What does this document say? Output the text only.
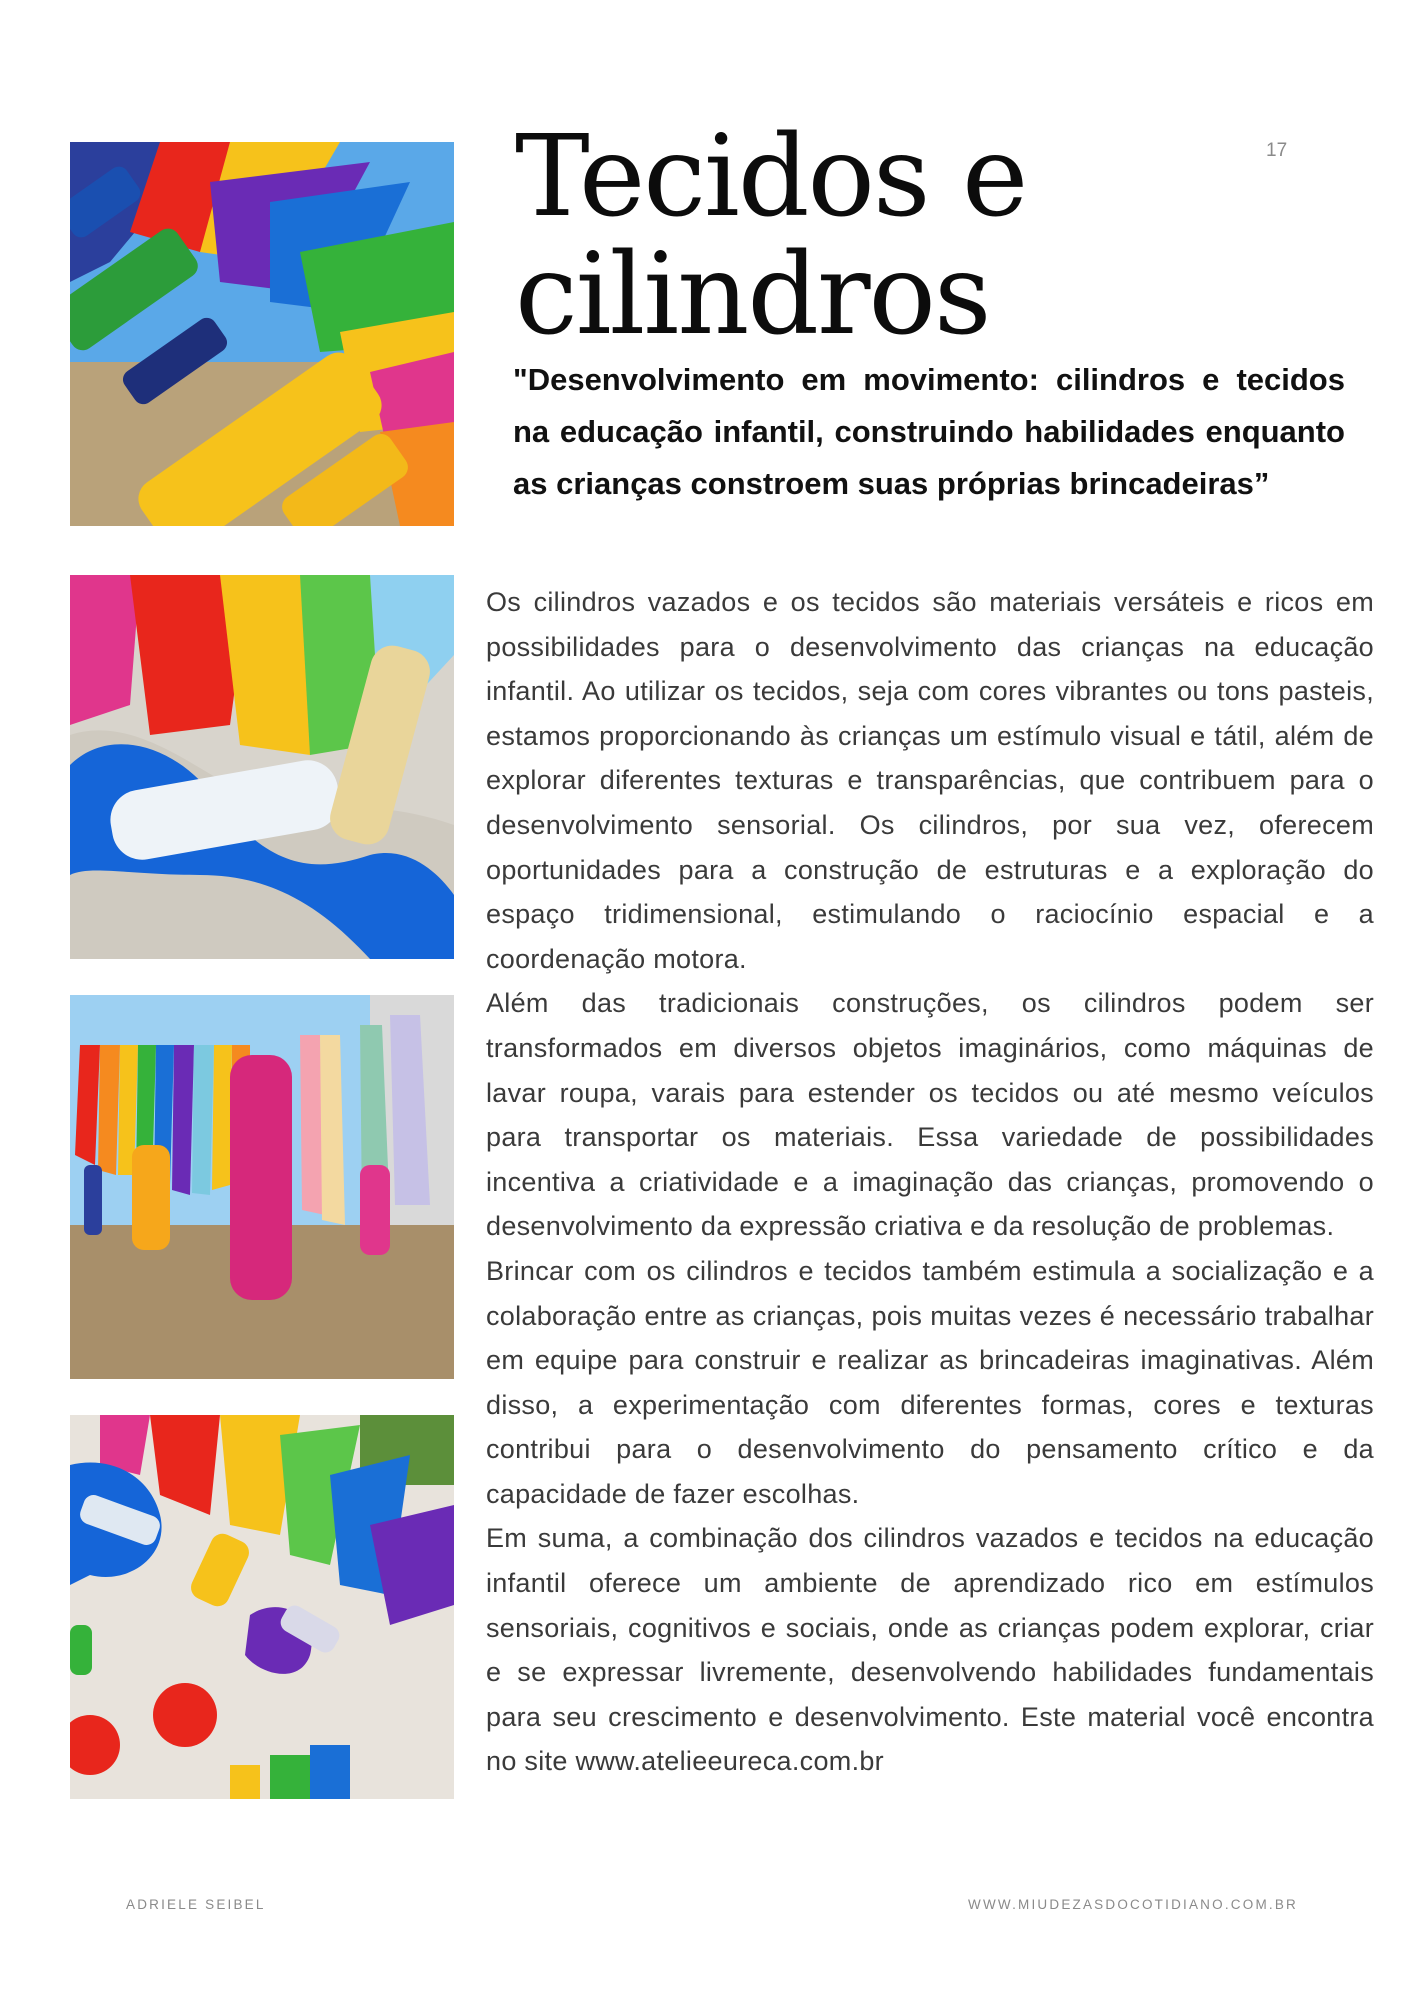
Tecidos e cilindros
17

"Desenvolvimento em movimento: cilindros e tecidos na educação infantil, construindo habilidades enquanto as crianças constroem suas próprias brincadeiras”

Os cilindros vazados e os tecidos são materiais versáteis e ricos em possibilidades para o desenvolvimento das crianças na educação infantil. Ao utilizar os tecidos, seja com cores vibrantes ou tons pasteis, estamos proporcionando às crianças um estímulo visual e tátil, além de explorar diferentes texturas e transparências, que contribuem para o desenvolvimento sensorial. Os cilindros, por sua vez, oferecem oportunidades para a construção de estruturas e a exploração do espaço tridimensional, estimulando o raciocínio espacial e a coordenação motora.

Além das tradicionais construções, os cilindros podem ser transformados em diversos objetos imaginários, como máquinas de lavar roupa, varais para estender os tecidos ou até mesmo veículos para transportar os materiais. Essa variedade de possibilidades incentiva a criatividade e a imaginação das crianças, promovendo o desenvolvimento da expressão criativa e da resolução de problemas.

Brincar com os cilindros e tecidos também estimula a socialização e a colaboração entre as crianças, pois muitas vezes é necessário trabalhar em equipe para construir e realizar as brincadeiras imaginativas. Além disso, a experimentação com diferentes formas, cores e texturas contribui para o desenvolvimento do pensamento crítico e da capacidade de fazer escolhas.

Em suma, a combinação dos cilindros vazados e tecidos na educação infantil oferece um ambiente de aprendizado rico em estímulos sensoriais, cognitivos e sociais, onde as crianças podem explorar, criar e se expressar livremente, desenvolvendo habilidades fundamentais para seu crescimento e desenvolvimento. Este material você encontra no site www.atelieeureca.com.br

ADRIELE SEIBEL	WWW.MIUDEZASDOCOTIDIANO.COM.BR
